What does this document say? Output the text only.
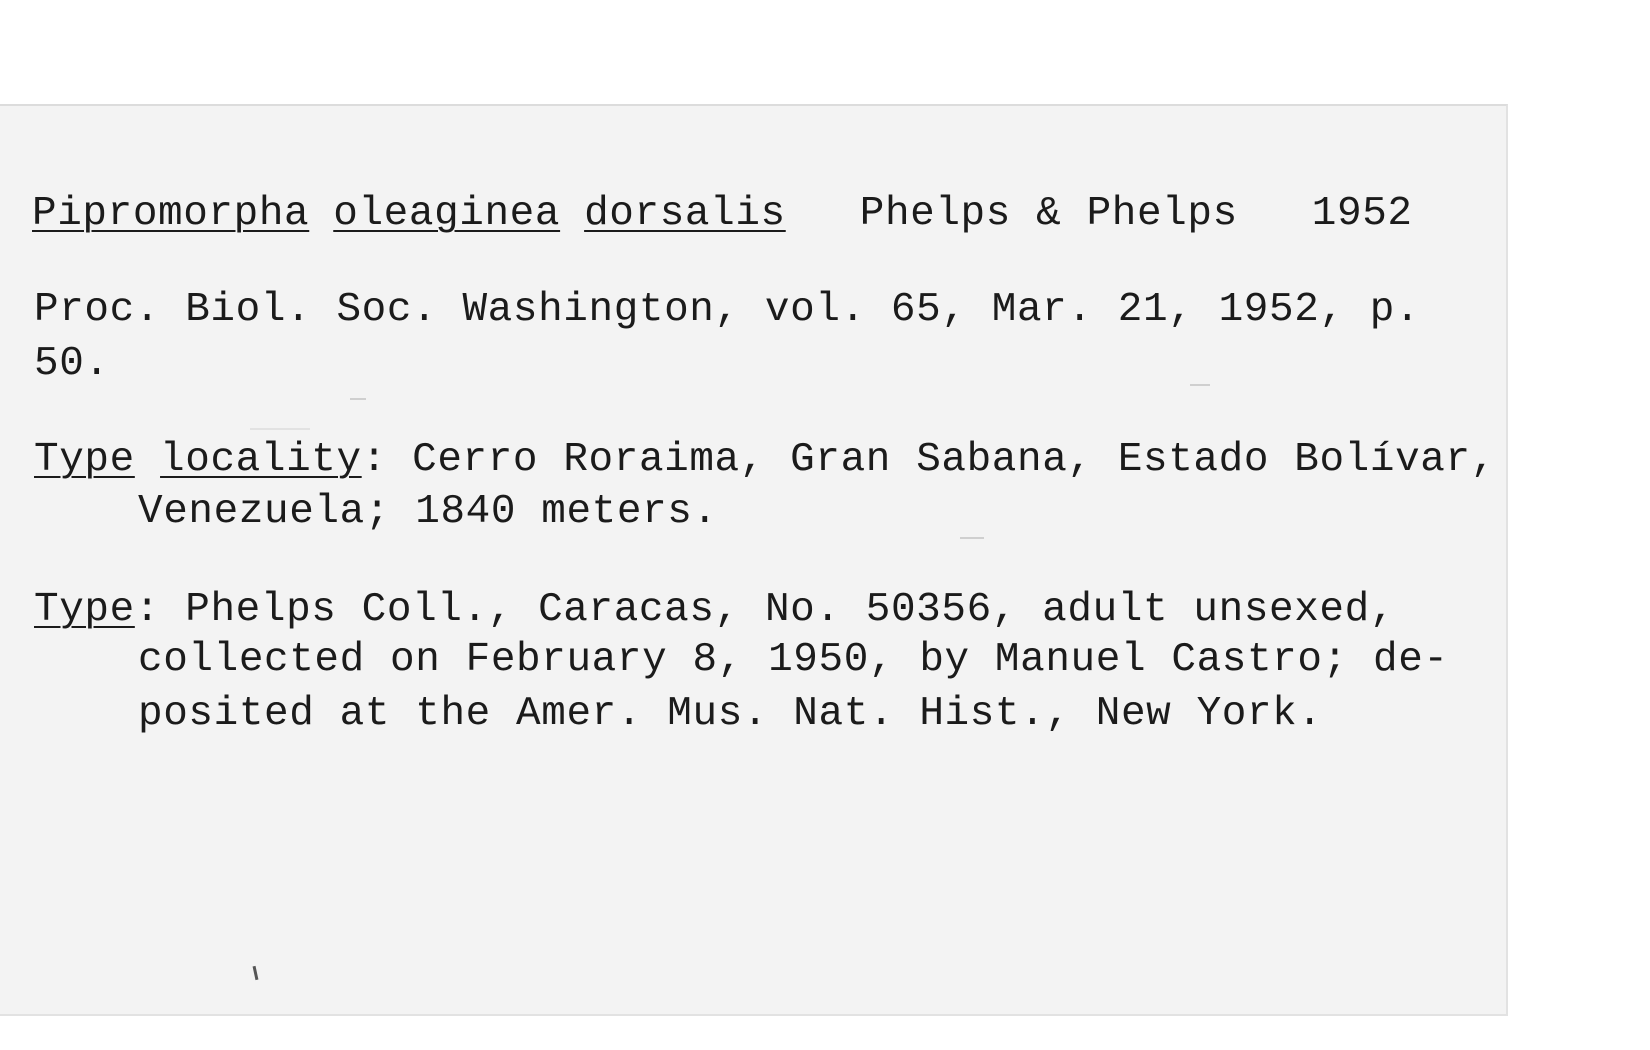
Pipromorpha oleaginea dorsalis Phelps & Phelps 1952
Proc. Biol. Soc. Washington, vol. 65, Mar. 21, 1952, p.
50.
Type locality: Cerro Roraima, Gran Sabana, Estado Bolívar,
Venezuela; 1840 meters.
Type: Phelps Coll., Caracas, No. 50356, adult unsexed,
collected on February 8, 1950, by Manuel Castro; de-
posited at the Amer. Mus. Nat. Hist., New York.
